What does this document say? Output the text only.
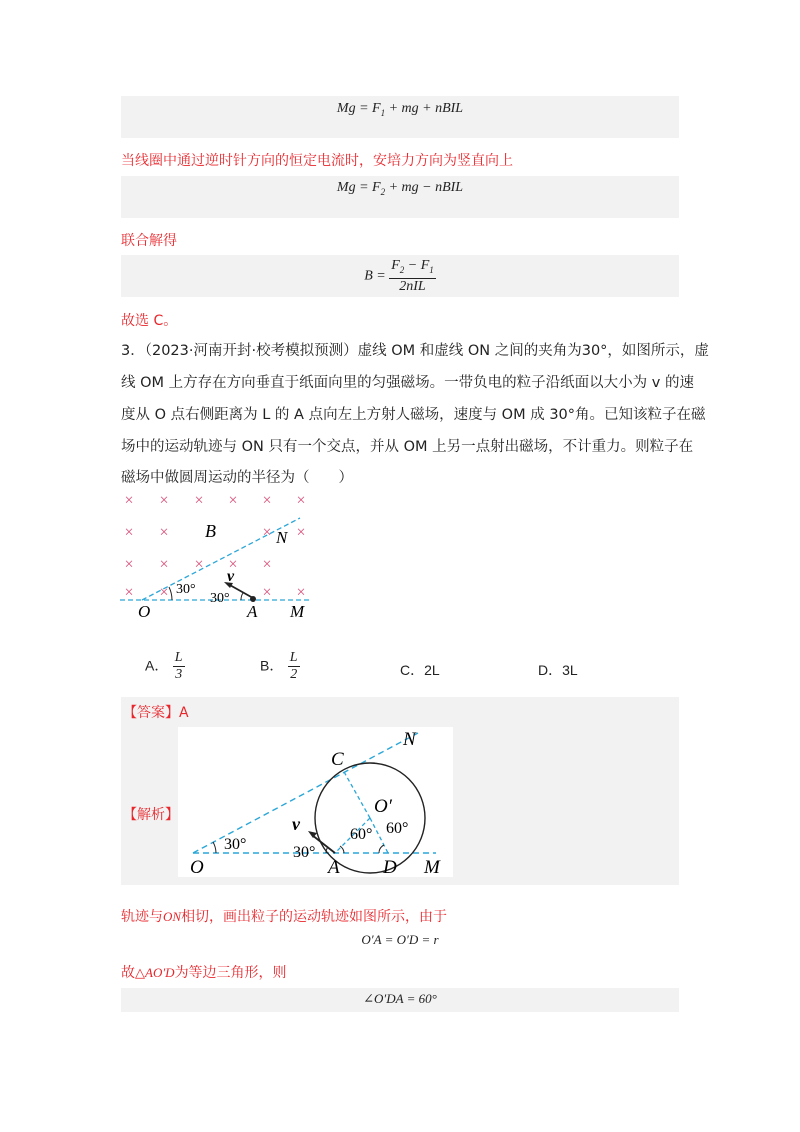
$Mg = F_1$ + mg + nBIL
当线圈中通过逆时针方向的恒定电流时，安培力方向为竖直向上
$Mg = F_2$ + mg − nBIL
联合解得
$B = \frac{F_2 - F_1}{\text{2nIL}}$
故选 C。
3．（2023·河南开封·校考模拟预测）虚线 OM 和虚线 ON 之间的夹角为30°，如图所示，虚
线 OM 上方存在方向垂直于纸面向里的匀强磁场。一带负电的粒子沿纸面以大小为 v 的速
度从 O 点右侧距离为 L 的 A 点向左上方射人磁场，速度与 OM 成 30°角。已知该粒子在磁
场中的运动轨迹与 ON 只有一个交点，并从 OM 上另一点射出磁场，不计重力。则粒子在
磁场中做圆周运动的半径为（　　）
× × × × × ×
× ×	× ×
× × × × ×
× ×	× ×
B	N
30°
30°
v
O	A M
A． $\frac{L}{3}$	B． $\frac{L}{2}$	C．2L	D．3L
【答案】A
【解析】
C
N
O′
v
30°	30°
60° 60°
O	A D M
轨迹与ON相切，画出粒子的运动轨迹如图所示，由于
O′A = O′D = r
故△AO′D为等边三角形，则
∠O′DA = 60°
